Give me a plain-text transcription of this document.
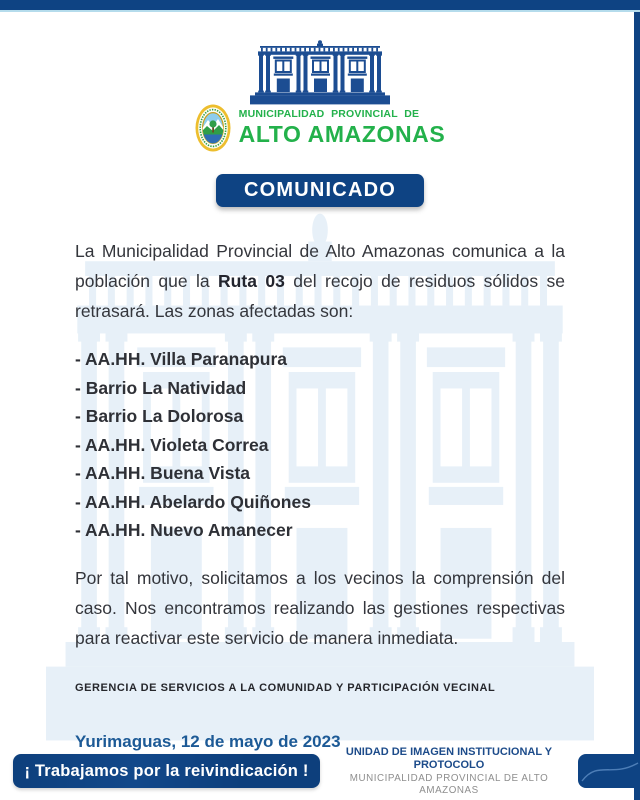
MUNICIPALIDAD PROVINCIAL DE
ALTO AMAZONAS
COMUNICADO

La Municipalidad Provincial de Alto Amazonas comunica a la población que la Ruta 03 del recojo de residuos sólidos se retrasará. Las zonas afectadas son:

- AA.HH. Villa Paranapura
- Barrio La Natividad
- Barrio La Dolorosa
- AA.HH. Violeta Correa
- AA.HH. Buena Vista
- AA.HH. Abelardo Quiñones
- AA.HH. Nuevo Amanecer

Por tal motivo, solicitamos a los vecinos la comprensión del caso. Nos encontramos realizando las gestiones respectivas para reactivar este servicio de manera inmediata.

GERENCIA DE SERVICIOS A LA COMUNIDAD Y PARTICIPACIÓN VECINAL
Yurimaguas, 12 de mayo de 2023
¡ Trabajamos por la reivindicación !
UNIDAD DE IMAGEN INSTITUCIONAL Y PROTOCOLO
MUNICIPALIDAD PROVINCIAL DE ALTO AMAZONAS
